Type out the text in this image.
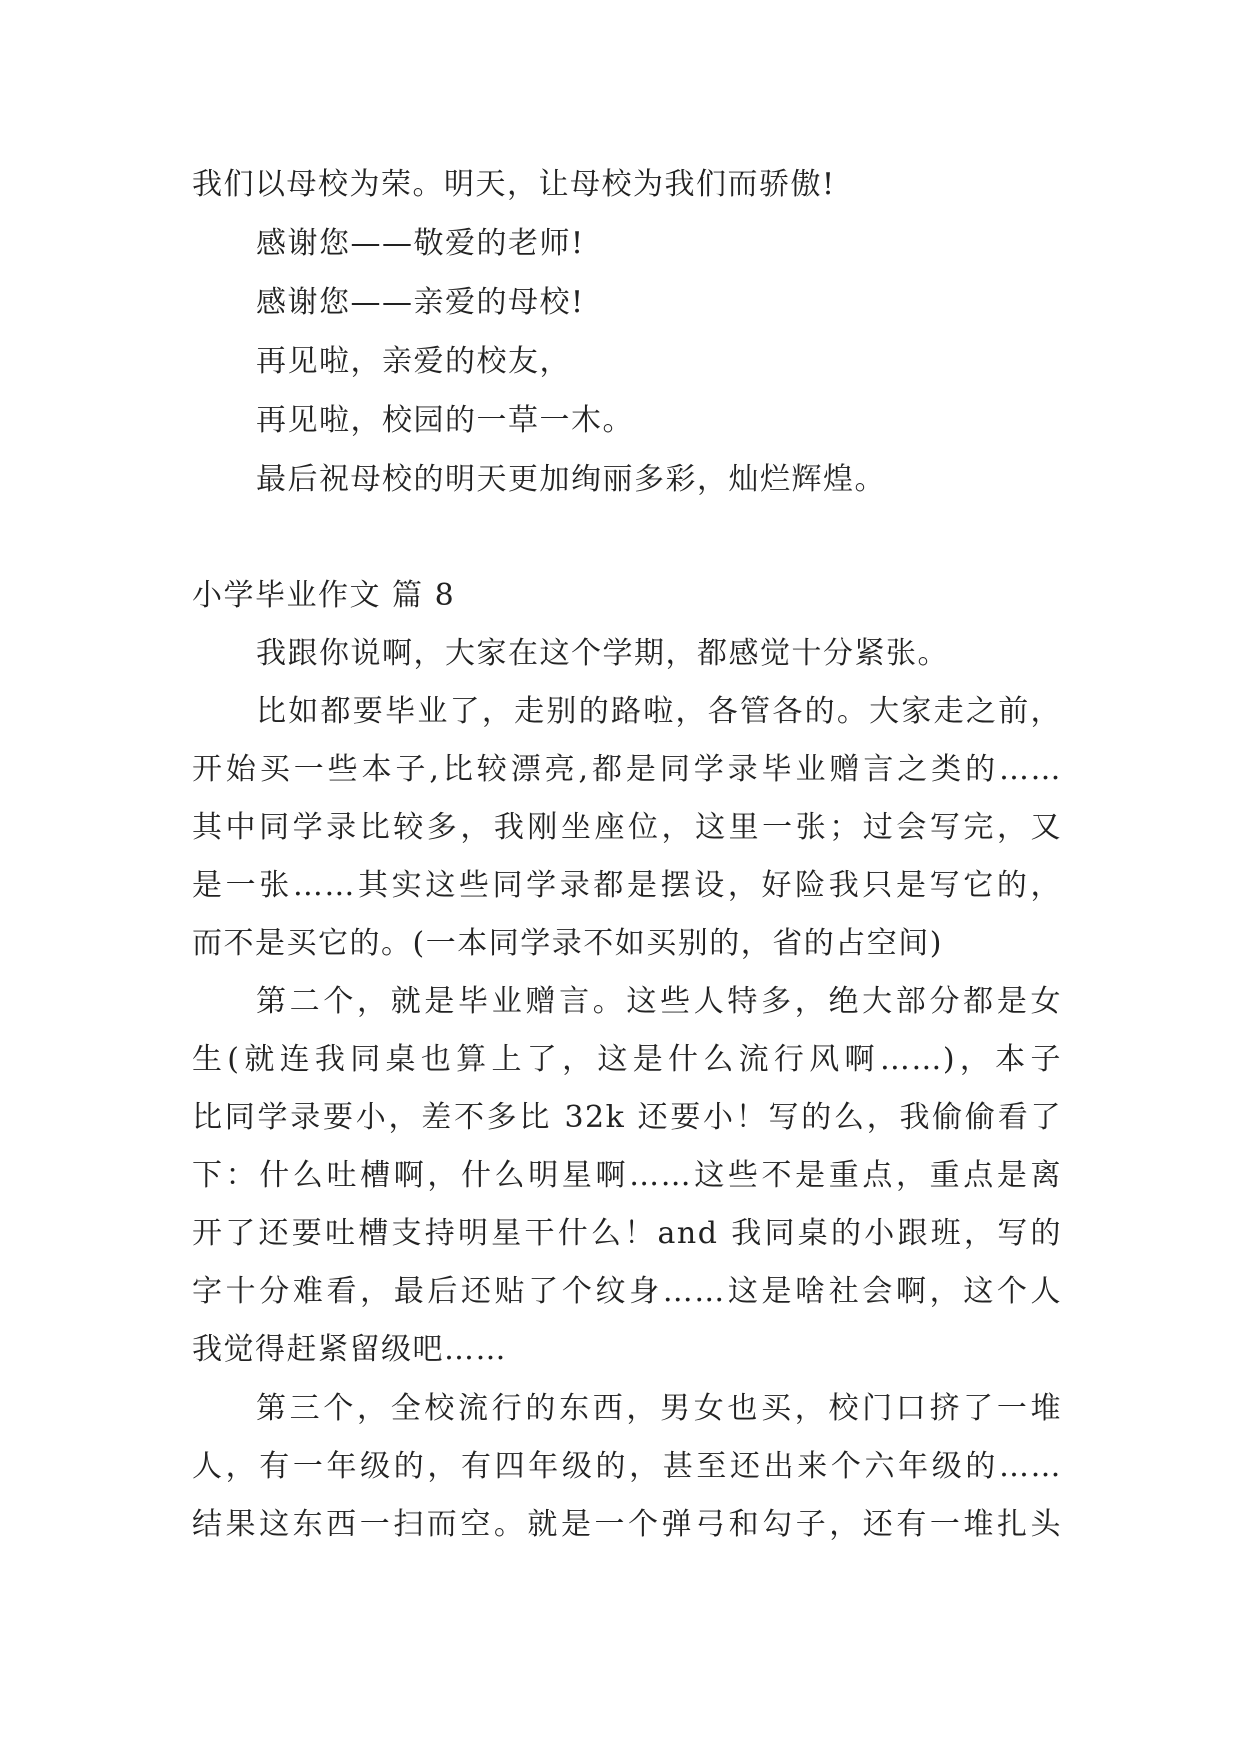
我们以母校为荣。明天，让母校为我们而骄傲!
感谢您——敬爱的老师!
感谢您——亲爱的母校!
再见啦，亲爱的校友，
再见啦，校园的一草一木。
最后祝母校的明天更加绚丽多彩，灿烂辉煌。
小学毕业作文 篇 8
我跟你说啊，大家在这个学期，都感觉十分紧张。
比如都要毕业了，走别的路啦，各管各的。大家走之前，
开始买一些本子,比较漂亮,都是同学录毕业赠言之类的……
其中同学录比较多，我刚坐座位，这里一张；过会写完，又
是一张……其实这些同学录都是摆设，好险我只是写它的，
而不是买它的。(一本同学录不如买别的，省的占空间)
第二个，就是毕业赠言。这些人特多，绝大部分都是女
生(就连我同桌也算上了，这是什么流行风啊……)，本子
比同学录要小，差不多比 32k 还要小！写的么，我偷偷看了
下：什么吐槽啊，什么明星啊……这些不是重点，重点是离
开了还要吐槽支持明星干什么！and 我同桌的小跟班，写的
字十分难看，最后还贴了个纹身……这是啥社会啊，这个人
我觉得赶紧留级吧……
第三个，全校流行的东西，男女也买，校门口挤了一堆
人，有一年级的，有四年级的，甚至还出来个六年级的……
结果这东西一扫而空。就是一个弹弓和勾子，还有一堆扎头
